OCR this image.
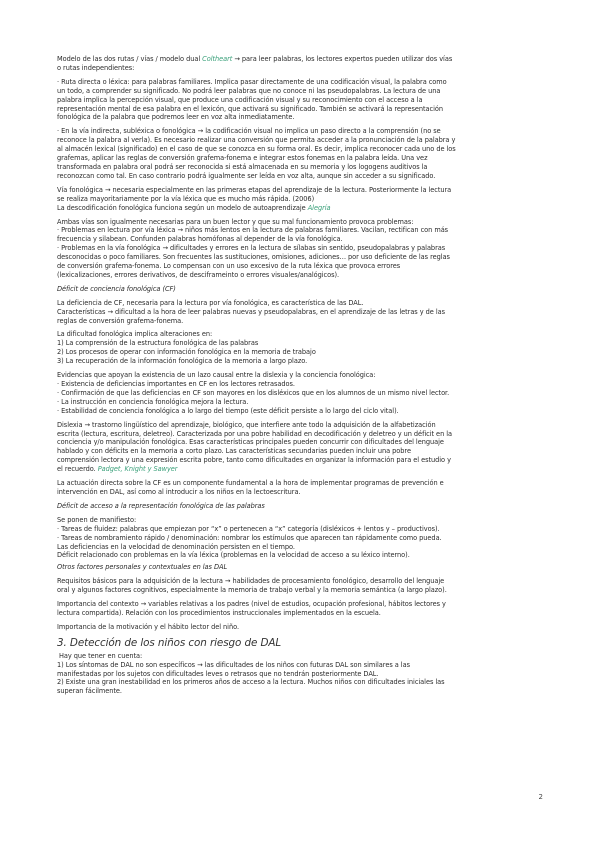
Modelo de las dos rutas / vías / modelo dual Coltheart → para leer palabras, los lectores expertos pueden utilizar dos vías
o rutas independientes:

· Ruta directa o léxica: para palabras familiares. Implica pasar directamente de una codificación visual, la palabra como
un todo, a comprender su significado. No podrá leer palabras que no conoce ni las pseudopalabras. La lectura de una
palabra implica la percepción visual, que produce una codificación visual y su reconocimiento con el acceso a la
representación mental de esa palabra en el lexicón, que activará su significado. También se activará la representación
fonológica de la palabra que podremos leer en voz alta inmediatamente.

· En la vía indirecta, subléxica o fonológica → la codificación visual no implica un paso directo a la comprensión (no se
reconoce la palabra al verla). Es necesario realizar una conversión que permita acceder a la pronunciación de la palabra y
al almacén lexical (significado) en el caso de que se conozca en su forma oral. Es decir, implica reconocer cada uno de los
grafemas, aplicar las reglas de conversión grafema-fonema e integrar estos fonemas en la palabra leída. Una vez
transformada en palabra oral podrá ser reconocida si está almacenada en su memoria y los logogens auditivos la
reconozcan como tal. En caso contrario podrá igualmente ser leída en voz alta, aunque sin acceder a su significado.

Vía fonológica → necesaria especialmente en las primeras etapas del aprendizaje de la lectura. Posteriormente la lectura
se realiza mayoritariamente por la vía léxica que es mucho más rápida. (2006)
La descodificación fonológica funciona según un modelo de autoaprendizaje Alegría

Ambas vías son igualmente necesarias para un buen lector y que su mal funcionamiento provoca problemas:
· Problemas en lectura por vía léxica → niños más lentos en la lectura de palabras familiares. Vacilan, rectifican con más
frecuencia y silabean. Confunden palabras homófonas al depender de la vía fonológica.
· Problemas en la vía fonológica → dificultades y errores en la lectura de sílabas sin sentido, pseudopalabras y palabras
desconocidas o poco familiares. Son frecuentes las sustituciones, omisiones, adiciones… por uso deficiente de las reglas
de conversión grafema-fonema. Lo compensan con un uso excesivo de la ruta léxica que provoca errores
(lexicalizaciones, errores derivativos, de desciframeinto o errores visuales/analógicos).

Déficit de conciencia fonológica (CF)

La deficiencia de CF, necesaria para la lectura por vía fonológica, es característica de las DAL.
Características → dificultad a la hora de leer palabras nuevas y pseudopalabras, en el aprendizaje de las letras y de las
reglas de conversión grafema-fonema.

La dificultad fonológica implica alteraciones en:
1) La comprensión de la estructura fonológica de las palabras
2) Los procesos de operar con información fonológica en la memoria de trabajo
3) La recuperación de la información fonológica de la memoria a largo plazo.

Evidencias que apoyan la existencia de un lazo causal entre la dislexia y la conciencia fonológica:
· Existencia de deficiencias importantes en CF en los lectores retrasados.
· Confirmación de que las deficiencias en CF son mayores en los disléxicos que en los alumnos de un mismo nivel lector.
· La instrucción en conciencia fonológica mejora la lectura.
· Estabilidad de conciencia fonológica a lo largo del tiempo (este déficit persiste a lo largo del ciclo vital).

Dislexia → trastorno lingüístico del aprendizaje, biológico, que interfiere ante todo la adquisición de la alfabetización
escrita (lectura, escritura, deletreo). Caracterizada por una pobre habilidad en decodificación y deletreo y un déficit en la
conciencia y/o manipulación fonológica. Esas características principales pueden concurrir con dificultades del lenguaje
hablado y con déficits en la memoria a corto plazo. Las características secundarias pueden incluir una pobre
comprensión lectora y una expresión escrita pobre, tanto como dificultades en organizar la información para el estudio y
el recuerdo. Padget, Knight y Sawyer

La actuación directa sobre la CF es un componente fundamental a la hora de implementar programas de prevención e
intervención en DAL, así como al introducir a los niños en la lectoescritura.

Déficit de acceso a la representación fonológica de las palabras

Se ponen de manifiesto:
· Tareas de fluidez: palabras que empiezan por “x” o pertenecen a “x” categoría (disléxicos + lentos y – productivos).
· Tareas de nombramiento rápido / denominación: nombrar los estímulos que aparecen tan rápidamente como pueda.
Las deficiencias en la velocidad de denominación persisten en el tiempo.
Déficit relacionado con problemas en la vía léxica (problemas en la velocidad de acceso a su léxico interno).

Otros factores personales y contextuales en las DAL

Requisitos básicos para la adquisición de la lectura → habilidades de procesamiento fonológico, desarrollo del lenguaje
oral y algunos factores cognitivos, especialmente la memoria de trabajo verbal y la memoria semántica (a largo plazo).

Importancia del contexto → variables relativas a los padres (nivel de estudios, ocupación profesional, hábitos lectores y
lectura compartida). Relación con los procedimientos instruccionales implementados en la escuela.

Importancia de la motivación y el hábito lector del niño.

3. Detección de los niños con riesgo de DAL

Hay que tener en cuenta:
1) Los síntomas de DAL no son específicos → las dificultades de los niños con futuras DAL son similares a las
manifestadas por los sujetos con dificultades leves o retrasos que no tendrán posteriormente DAL.
2) Existe una gran inestabilidad en los primeros años de acceso a la lectura. Muchos niños con dificultades iniciales las
superan fácilmente.

2
